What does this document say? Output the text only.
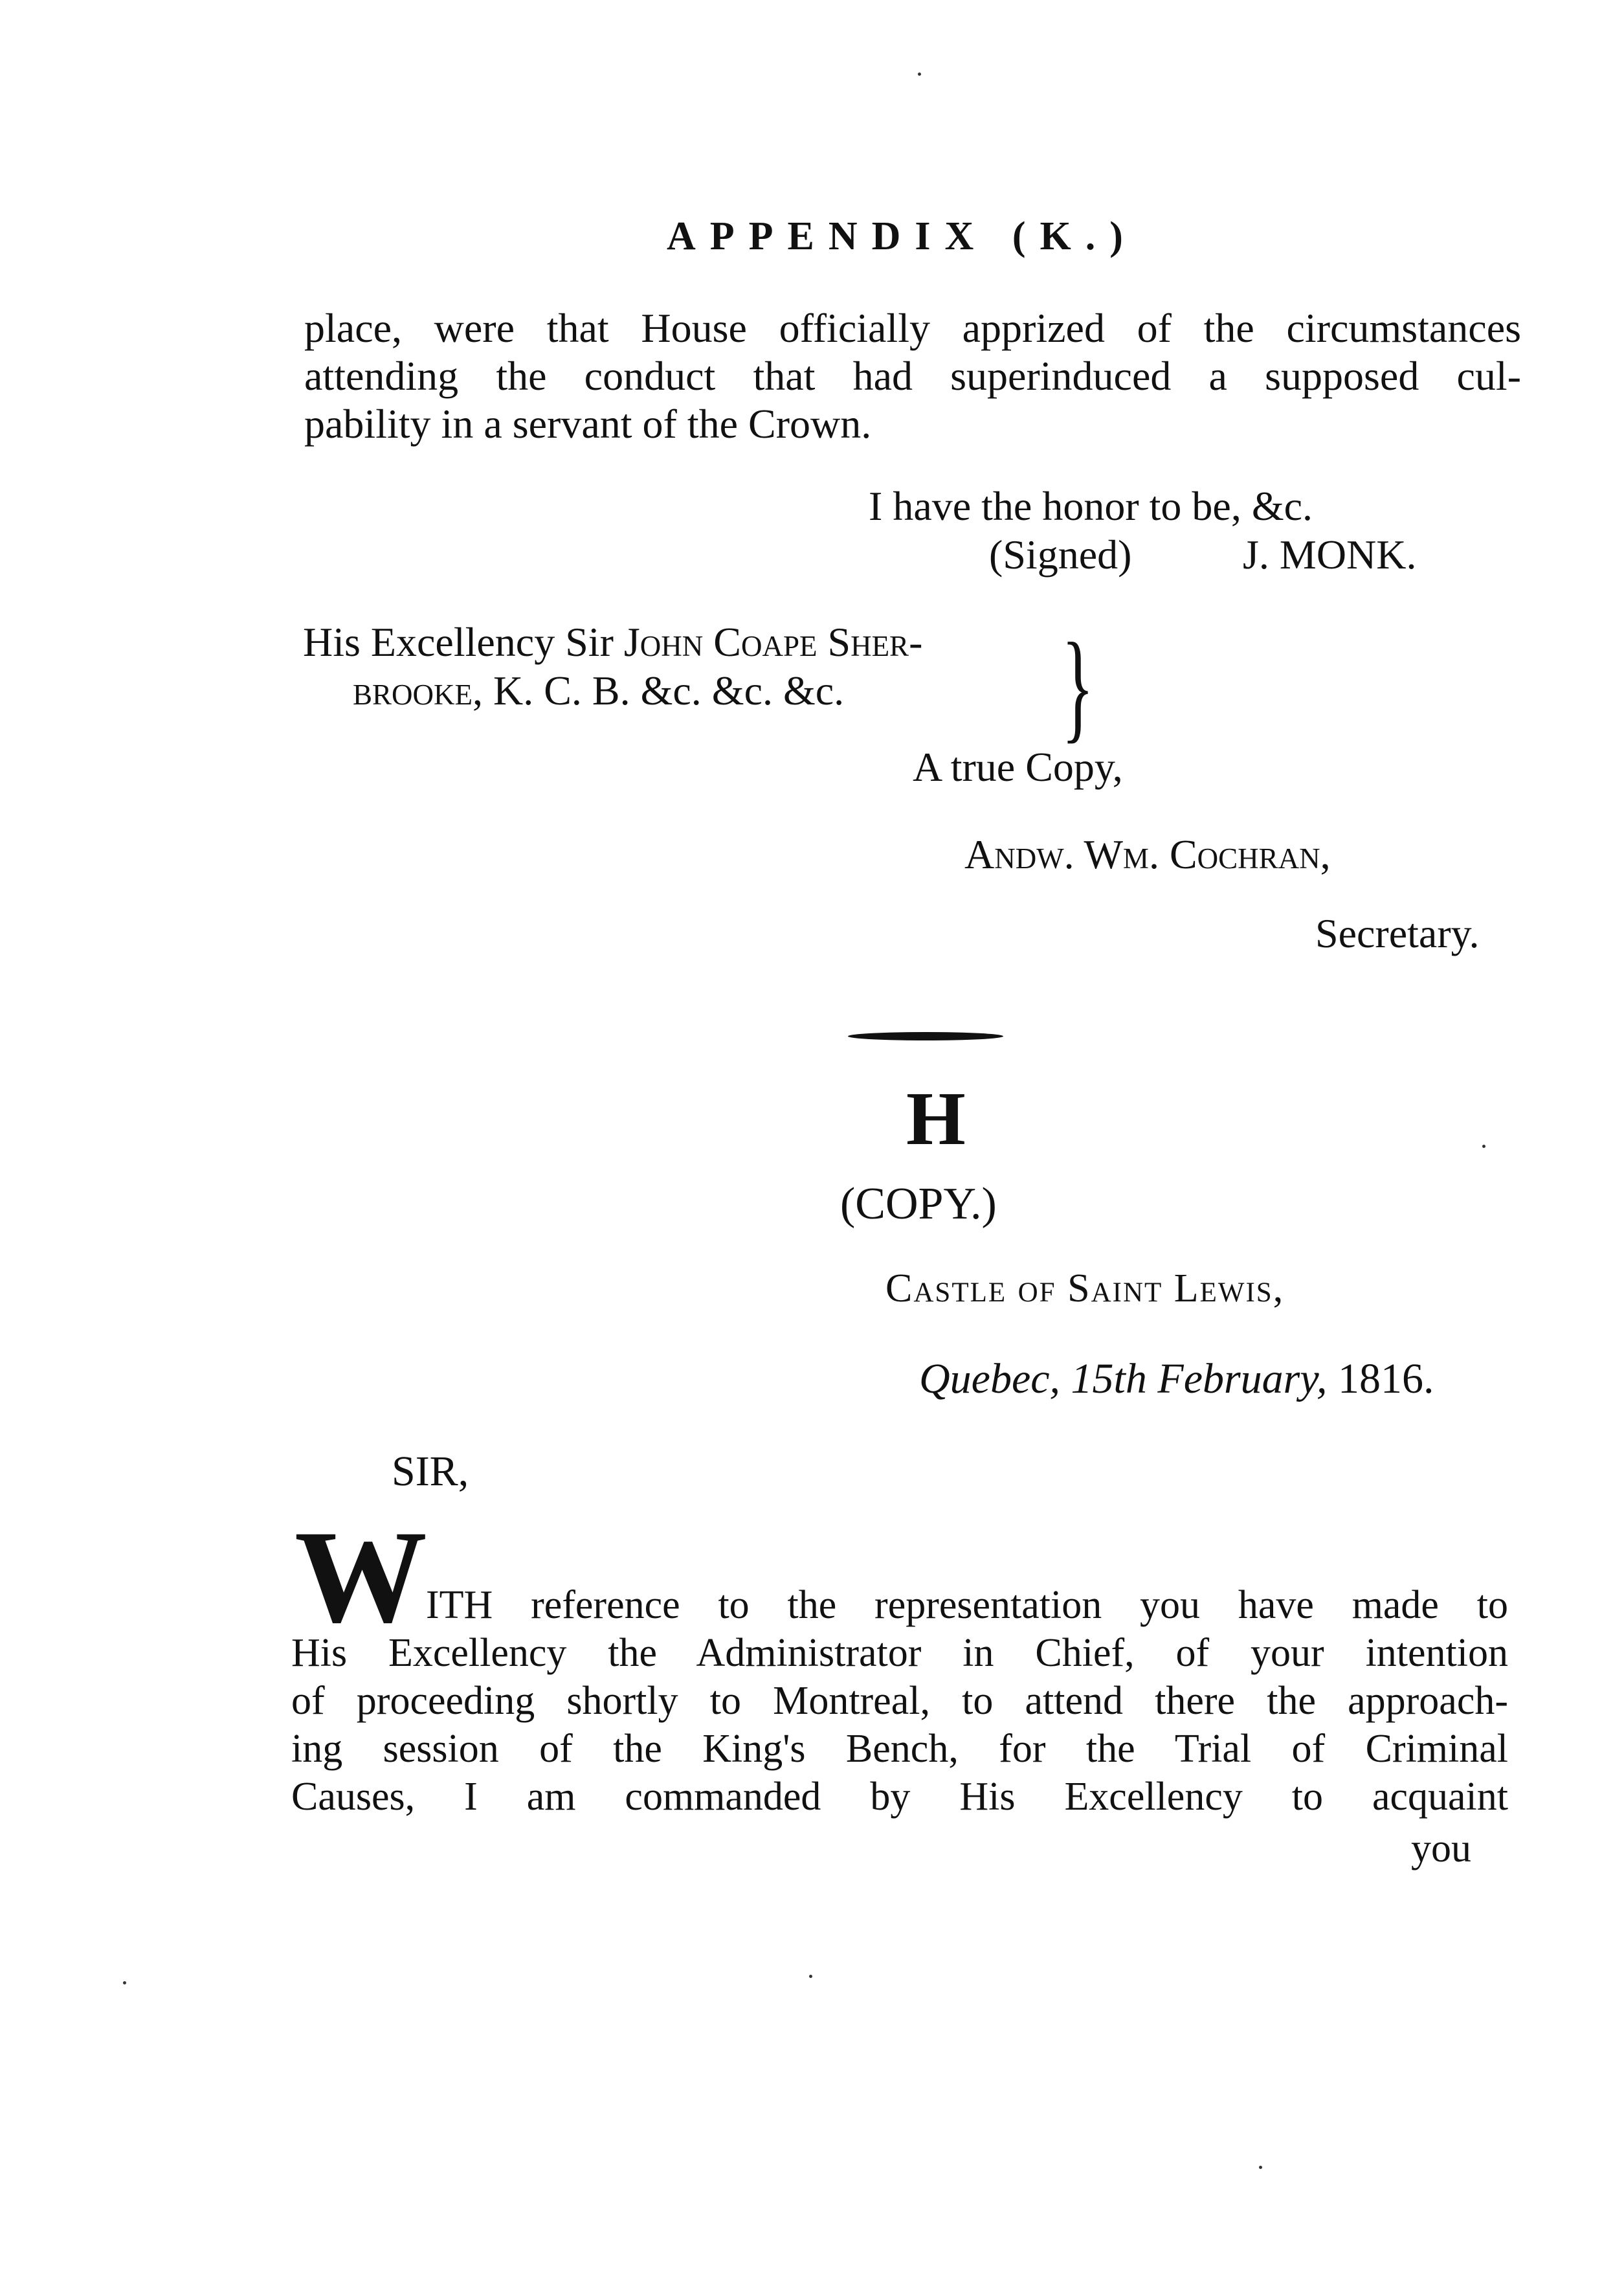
APPENDIX (K.)
place, were that House officially apprized of the circumstances
attending the conduct that had superinduced a supposed cul-
pability in a servant of the Crown.
I have the honor to be, &c.
(Signed)	J. MONK.
His Excellency Sir John Coape Sher-
brooke, K. C. B. &c. &c. &c. }
A true Copy,
Andw. Wm. Cochran,
Secretary.
H
(COPY.)
Castle of Saint Lewis,
Quebec, 15th February, 1816.
SIR,
W
ITH reference to the representation you have made to
His Excellency the Administrator in Chief, of your intention
of proceeding shortly to Montreal, to attend there the approach-
ing session of the King's Bench, for the Trial of Criminal
Causes, I am commanded by His Excellency to acquaint
you
